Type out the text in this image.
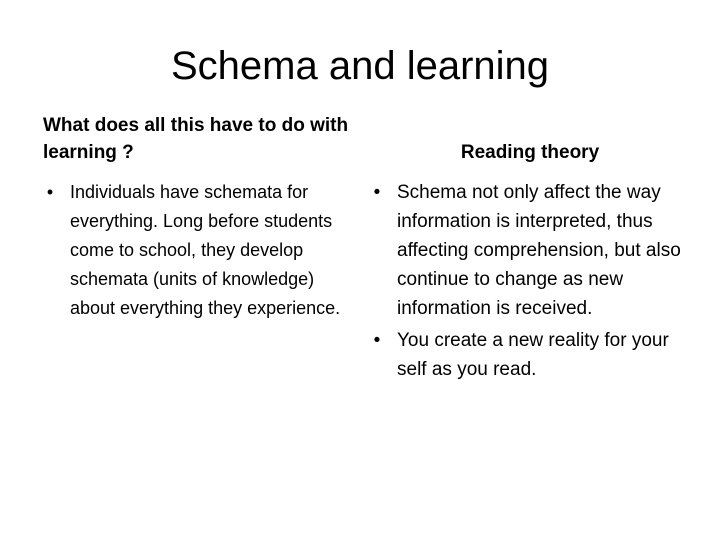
Schema and learning

What does all this have to do with learning ?

• Individuals have schemata for everything. Long before students come to school, they develop schemata (units of knowledge) about everything they experience.

Reading theory

• Schema not only affect the way information is interpreted, thus affecting comprehension, but also continue to change as new information is received.
• You create a new reality for your self as you read.
